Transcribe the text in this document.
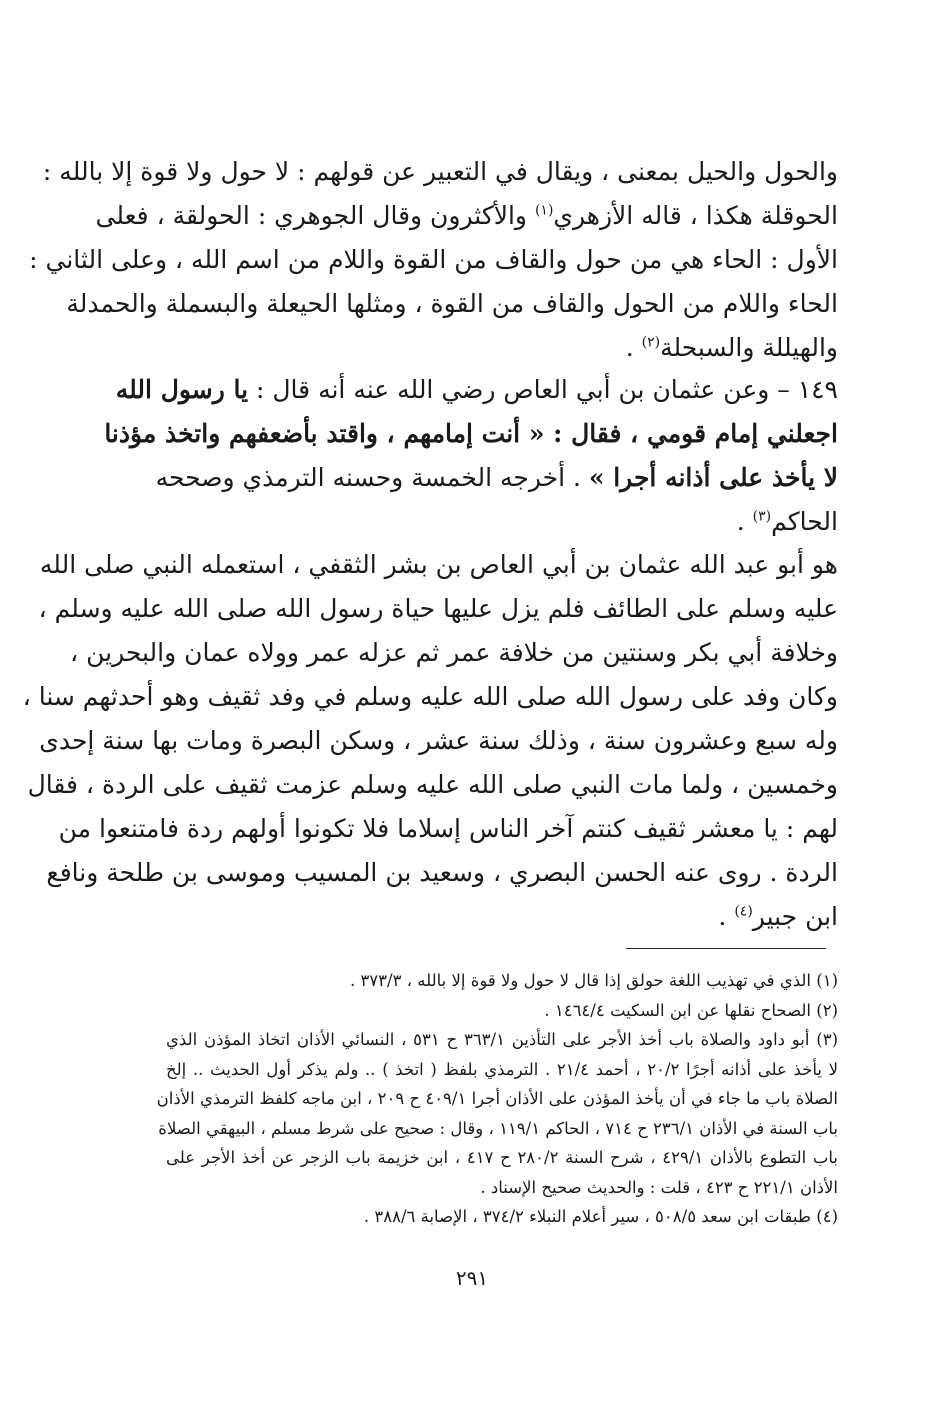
والحول والحيل بمعنى ، ويقال في التعبير عن قولهم : لا حول ولا قوة إلا بالله :
الحوقلة هكذا ، قاله الأزهري$^{(١)}$ والأكثرون وقال الجوهري : الحولقة ، فعلى
الأول : الحاء هي من حول والقاف من القوة واللام من اسم الله ، وعلى الثاني :
الحاء واللام من الحول والقاف من القوة ، ومثلها الحيعلة والبسملة والحمدلة
والهيللة والسبحلة$^{(٢)}$ .
١٤٩ – وعن عثمان بن أبي العاص رضي الله عنه أنه قال : يا رسول الله
اجعلني إمام قومي ، فقال : « أنت إمامهم ، واقتد بأضعفهم واتخذ مؤذنا
لا يأخذ على أذانه أجرا » . أخرجه الخمسة وحسنه الترمذي وصححه
الحاكم$^{(٣)}$ .
هو أبو عبد الله عثمان بن أبي العاص بن بشر الثقفي ، استعمله النبي صلى الله
عليه وسلم على الطائف فلم يزل عليها حياة رسول الله صلى الله عليه وسلم ،
وخلافة أبي بكر وسنتين من خلافة عمر ثم عزله عمر وولاه عمان والبحرين ،
وكان وفد على رسول الله صلى الله عليه وسلم في وفد ثقيف وهو أحدثهم سنا ،
وله سبع وعشرون سنة ، وذلك سنة عشر ، وسكن البصرة ومات بها سنة إحدى
وخمسين ، ولما مات النبي صلى الله عليه وسلم عزمت ثقيف على الردة ، فقال
لهم : يا معشر ثقيف كنتم آخر الناس إسلاما فلا تكونوا أولهم ردة فامتنعوا من
الردة . روى عنه الحسن البصري ، وسعيد بن المسيب وموسى بن طلحة ونافع
ابن جبير$^{(٤)}$ .
(١) الذي في تهذيب اللغة حولق إذا قال لا حول ولا قوة إلا بالله ، ٣٧٣/٣ .
(٢) الصحاح نقلها عن ابن السكيت ١٤٦٤/٤ .
(٣) أبو داود والصلاة باب أخذ الأجر على التأذين ٣٦٣/١ ح ٥٣١ ، النسائي الأذان اتخاذ المؤذن الذي
لا يأخذ على أذانه أجرًا ٢٠/٢ ، أحمد ٢١/٤ . الترمذي بلفظ ( اتخذ ) .. ولم يذكر أول الحديث .. إلخ
الصلاة باب ما جاء في أن يأخذ المؤذن على الأذان أجرا ٤٠٩/١ ح ٢٠٩ ، ابن ماجه كلفظ الترمذي الأذان
باب السنة في الأذان ٢٣٦/١ ح ٧١٤ ، الحاكم ١١٩/١ ، وقال : صحيح على شرط مسلم ، البيهقي الصلاة
باب التطوع بالأذان ٤٢٩/١ ، شرح السنة ٢٨٠/٢ ح ٤١٧ ، ابن خزيمة باب الزجر عن أخذ الأجر على
الأذان ٢٢١/١ ح ٤٢٣ ، قلت : والحديث صحيح الإسناد .
(٤) طبقات ابن سعد ٥٠٨/٥ ، سير أعلام النبلاء ٣٧٤/٢ ، الإصابة ٣٨٨/٦ .
٢٩١
